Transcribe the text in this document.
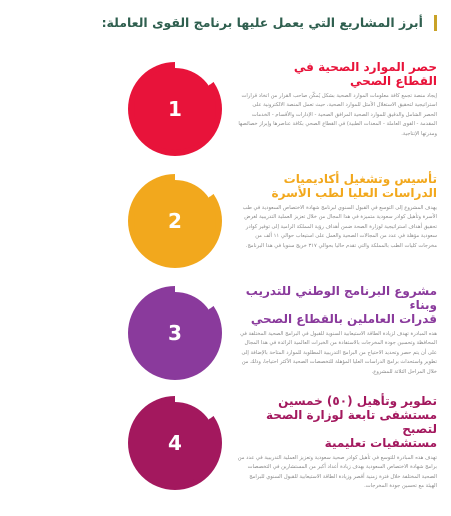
أبرز المشاريع التي يعمل عليها برنامج القوى العاملة:
1
حصر الموارد الصحية في
القطاع الصحي

إيجاد منصة تجمع كافة معلومات الموارد الصحية بشكل يُمكّن صاحب القرار من اتخاذ قرارات استراتيجية لتحقيق الاستغلال الأمثل للموارد الصحية، حيث تعمل المنصة الالكترونية على الحصر الشامل والدقيق للموارد الصحية المرافق الصحية - الإدارات والأقسام - الخدمات المقدمة - القوى العاملة - المعدات الطبية) في القطاع الصحي بكافة عناصرها وإبراز خصائصها ومدرتها الإنتاجية.

2
تأسيس وتشغيل أكاديميات
الدراسات العليا لطب الأسرة

يهدف المشروع إلى التوسع في القبول السنوي لبرنامج شهادة الاختصاص السعودية في طب الأسرة وتأهيل كوادر سعودية متميزة في هذا المجال من خلال تعزيز العملية التدريبية لغرض تحقيق أهداف استراتيجية لوزارة الصحة ضمن أهداف رؤية المملكة الرامية إلى توفير كوادر سعودية مؤهلة في عدد من المجالات الصحية والعمل على استيعاب حوالي ١١ ألف من مخرجات كليات الطب بالمملكة والتي تقدم حاليا بحوالي ٣١٧ خريج سنويا في هذا البرنامج.

3
مشروع البرنامج الوطني للتدريب وبناء
قدرات العاملين بالقطاع الصحي

هذه المبادرة تهدف لزيادة الطاقة الاستيعابية السنوية للقبول في البرامج الصحية المختلفة في المحافظة وتحسين جودة المخرجات بالاستفادة من الخبرات العالمية الرائدة في هذا المجال على أن يتم حصر وتحديد الاحتياج من البرامج التدريبية المطلوبة للموارد المتاحة بالإضافة إلى تطوير واستحداث برامج الدراسات العليا المؤهلة للتخصصات الصحية الأكثر احتياجا، وذلك من خلال المراحل الثلاثة للمشروع.

4
تطوير وتأهيل (٥٠) خمسين
مستشفى تابعة لوزارة الصحة لتصبح
مستشفيات تعليمية

تهدف هذه المبادرة للتوسع في تأهيل كوادر صحية سعودية وتعزيز العملية التدريبية في عدد من برامج شهادة الاختصاص السعودية بهدف زيادة أعداد أكبر من المستشارين في التخصصات الصحية المختلفة خلال فترة زمنية أقصر وزيادة الطاقة الاستيعابية للقبول السنوي للبرامج الهيئة مع تحسين جودة المخرجات.
